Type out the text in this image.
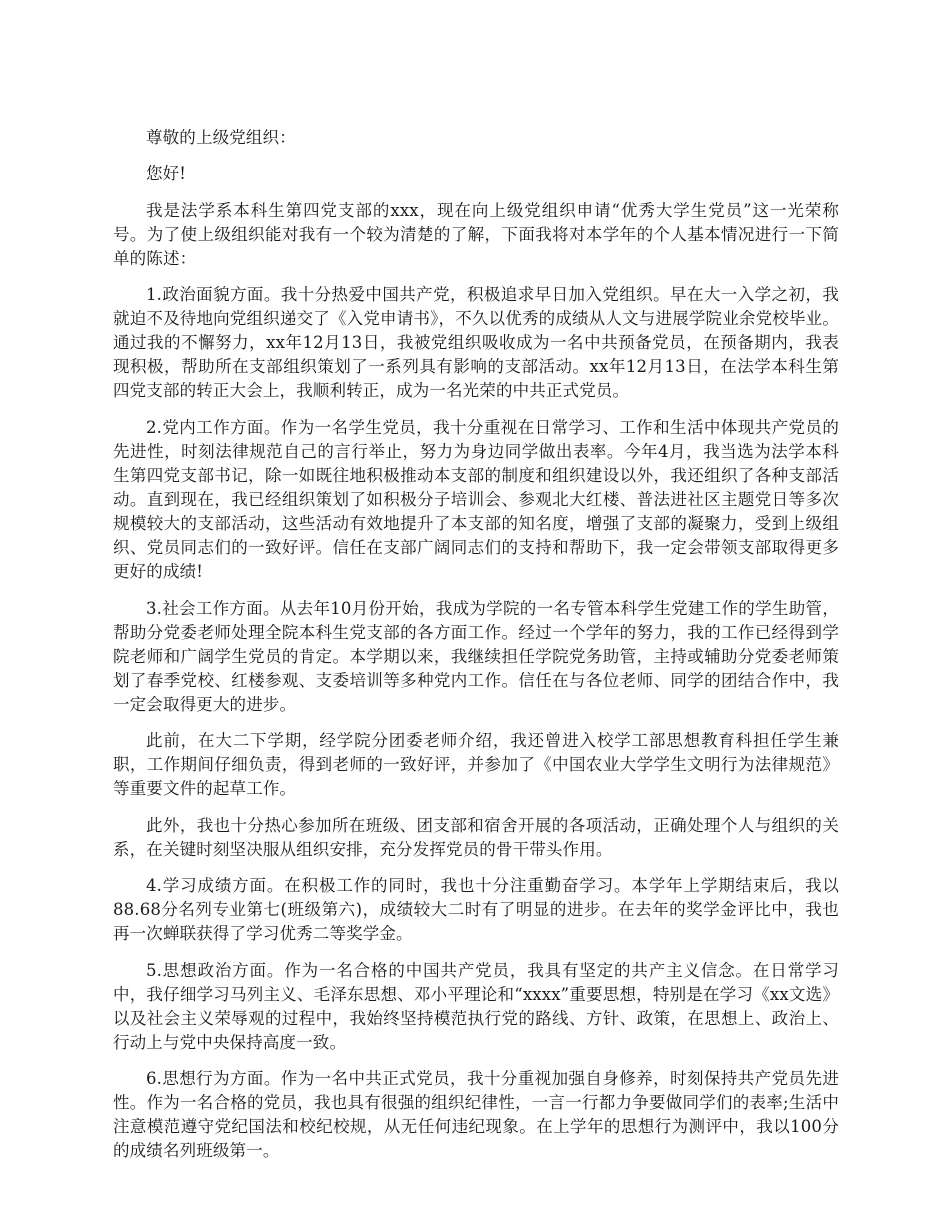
尊敬的上级党组织：

您好!

我是法学系本科生第四党支部的xxx，现在向上级党组织申请“优秀大学生党员”这一光荣称号。为了使上级组织能对我有一个较为清楚的了解，下面我将对本学年的个人基本情况进行一下简单的陈述：

1.政治面貌方面。我十分热爱中国共产党，积极追求早日加入党组织。早在大一入学之初，我就迫不及待地向党组织递交了《入党申请书》，不久以优秀的成绩从人文与进展学院业余党校毕业。通过我的不懈努力，xx年12月13日，我被党组织吸收成为一名中共预备党员，在预备期内，我表现积极，帮助所在支部组织策划了一系列具有影响的支部活动。xx年12月13日，在法学本科生第四党支部的转正大会上，我顺利转正，成为一名光荣的中共正式党员。

2.党内工作方面。作为一名学生党员，我十分重视在日常学习、工作和生活中体现共产党员的先进性，时刻法律规范自己的言行举止，努力为身边同学做出表率。今年4月，我当选为法学本科生第四党支部书记，除一如既往地积极推动本支部的制度和组织建设以外，我还组织了各种支部活动。直到现在，我已经组织策划了如积极分子培训会、参观北大红楼、普法进社区主题党日等多次规模较大的支部活动，这些活动有效地提升了本支部的知名度，增强了支部的凝聚力，受到上级组织、党员同志们的一致好评。信任在支部广阔同志们的支持和帮助下，我一定会带领支部取得更多更好的成绩!

3.社会工作方面。从去年10月份开始，我成为学院的一名专管本科学生党建工作的学生助管，帮助分党委老师处理全院本科生党支部的各方面工作。经过一个学年的努力，我的工作已经得到学院老师和广阔学生党员的肯定。本学期以来，我继续担任学院党务助管，主持或辅助分党委老师策划了春季党校、红楼参观、支委培训等多种党内工作。信任在与各位老师、同学的团结合作中，我一定会取得更大的进步。

此前，在大二下学期，经学院分团委老师介绍，我还曾进入校学工部思想教育科担任学生兼职，工作期间仔细负责，得到老师的一致好评，并参加了《中国农业大学学生文明行为法律规范》等重要文件的起草工作。

此外，我也十分热心参加所在班级、团支部和宿舍开展的各项活动，正确处理个人与组织的关系，在关键时刻坚决服从组织安排，充分发挥党员的骨干带头作用。

4.学习成绩方面。在积极工作的同时，我也十分注重勤奋学习。本学年上学期结束后，我以88.68分名列专业第七(班级第六)，成绩较大二时有了明显的进步。在去年的奖学金评比中，我也再一次蝉联获得了学习优秀二等奖学金。

5.思想政治方面。作为一名合格的中国共产党员，我具有坚定的共产主义信念。在日常学习中，我仔细学习马列主义、毛泽东思想、邓小平理论和“xxxx”重要思想，特别是在学习《xx文选》以及社会主义荣辱观的过程中，我始终坚持模范执行党的路线、方针、政策，在思想上、政治上、行动上与党中央保持高度一致。

6.思想行为方面。作为一名中共正式党员，我十分重视加强自身修养，时刻保持共产党员先进性。作为一名合格的党员，我也具有很强的组织纪律性，一言一行都力争要做同学们的表率;生活中注意模范遵守党纪国法和校纪校规，从无任何违纪现象。在上学年的思想行为测评中，我以100分的成绩名列班级第一。
